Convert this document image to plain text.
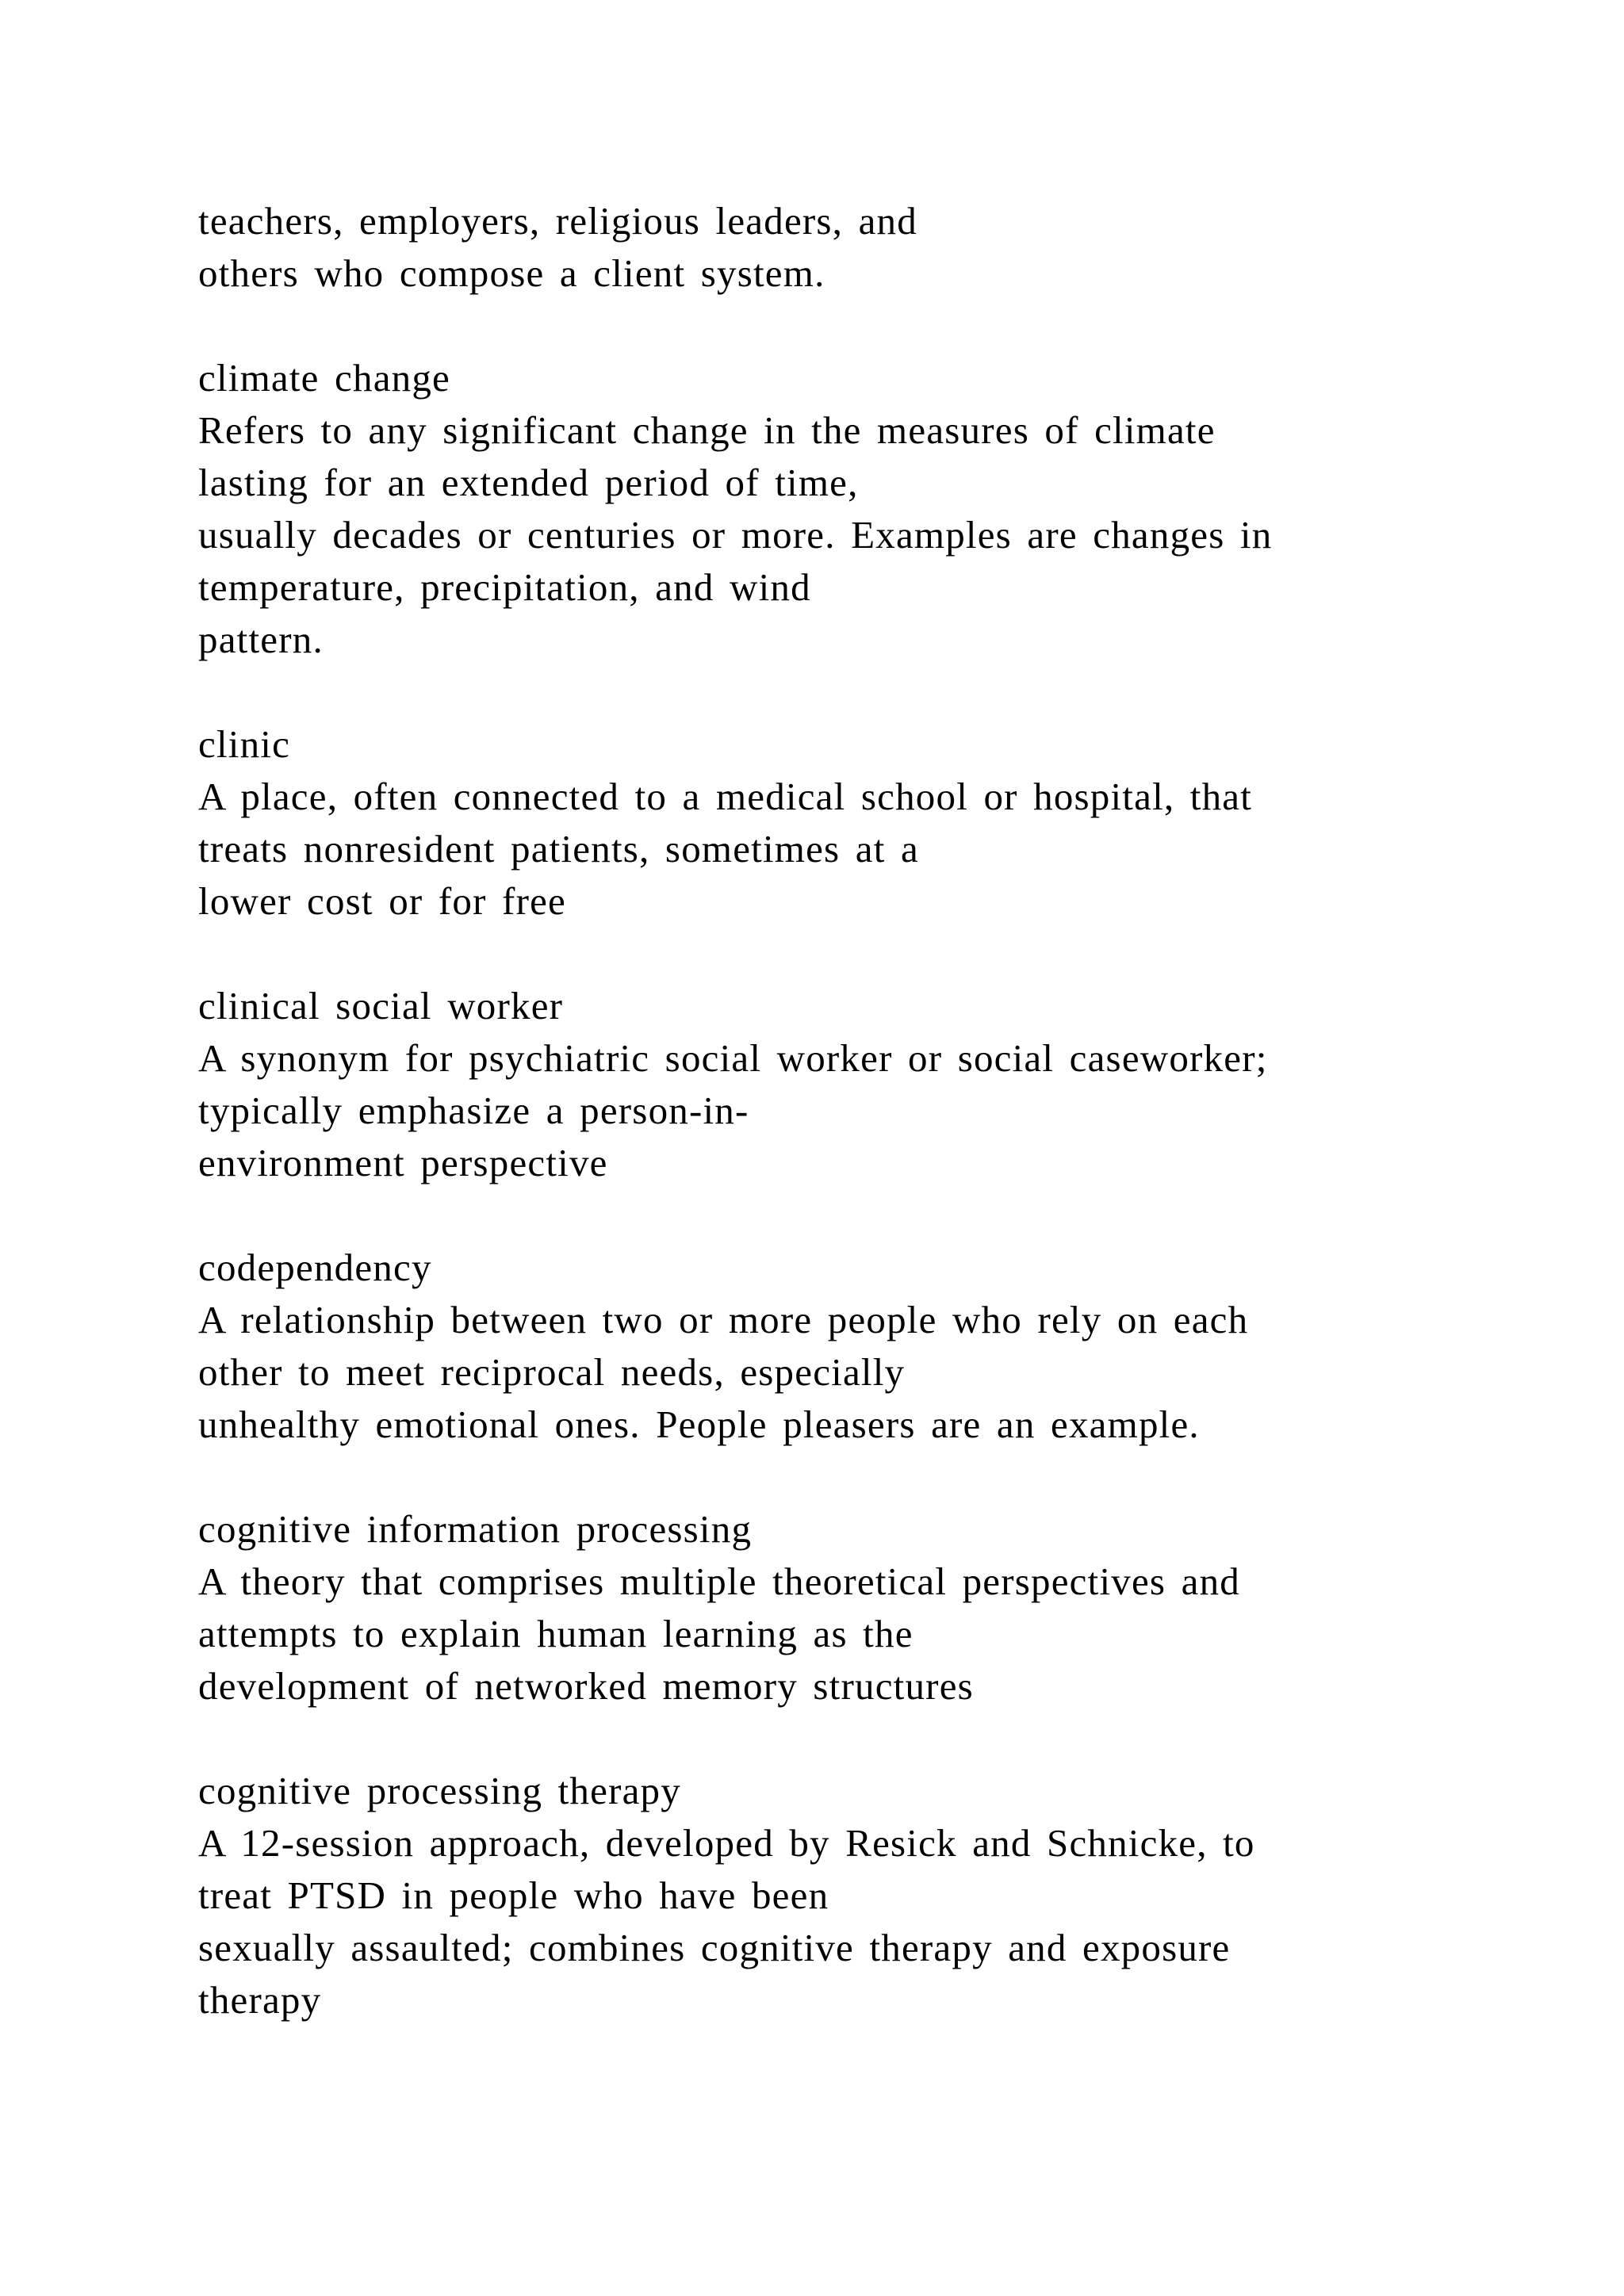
teachers, employers, religious leaders, and
others who compose a client system.
climate change
Refers to any significant change in the measures of climate
lasting for an extended period of time,
usually decades or centuries or more. Examples are changes in
temperature, precipitation, and wind
pattern.
clinic
A place, often connected to a medical school or hospital, that
treats nonresident patients, sometimes at a
lower cost or for free
clinical social worker
A synonym for psychiatric social worker or social caseworker;
typically emphasize a person-in-
environment perspective
codependency
A relationship between two or more people who rely on each
other to meet reciprocal needs, especially
unhealthy emotional ones. People pleasers are an example.
cognitive information processing
A theory that comprises multiple theoretical perspectives and
attempts to explain human learning as the
development of networked memory structures
cognitive processing therapy
A 12-session approach, developed by Resick and Schnicke, to
treat PTSD in people who have been
sexually assaulted; combines cognitive therapy and exposure
therapy
